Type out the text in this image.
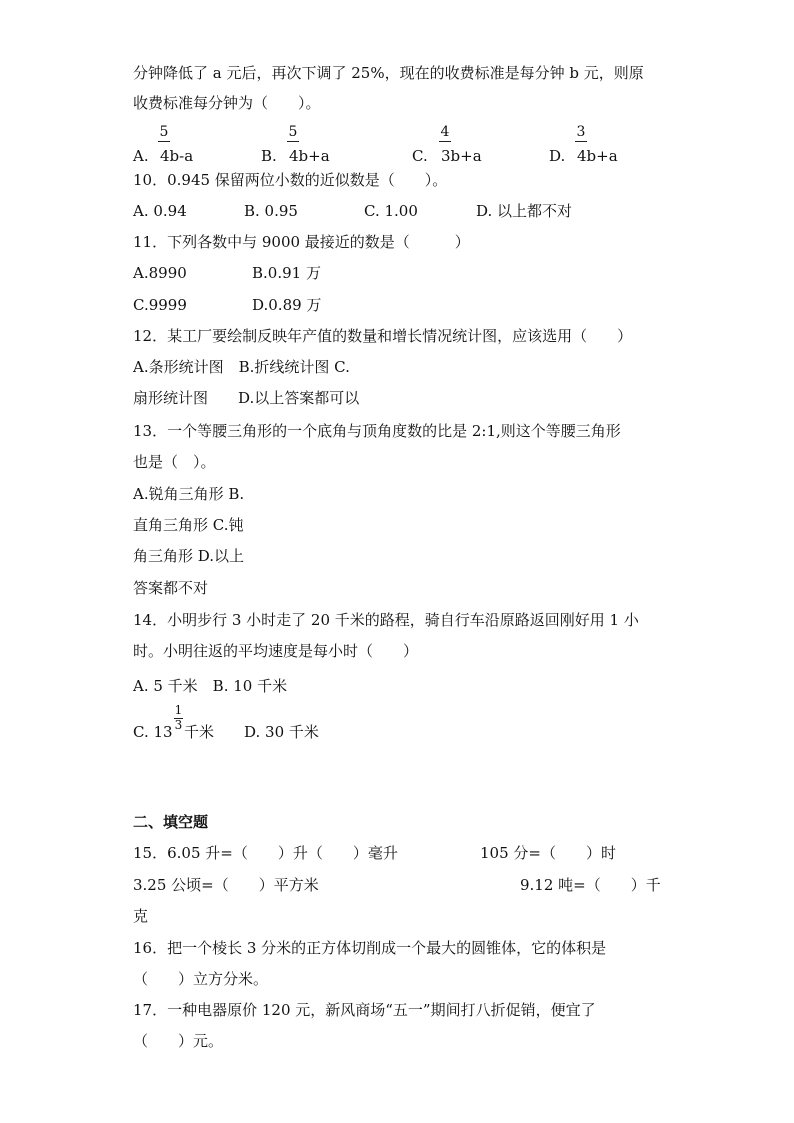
分钟降低了 a 元后，再次下调了 25%，现在的收费标准是每分钟 b 元，则原
收费标准每分钟为（　　）。
A.
5
4b-a	B.
5
4b+a	C.
4
3b+a	D.
3
4b+a
10．0.945 保留两位小数的近似数是（　　）。
A. 0.94	B. 0.95	C. 1.00	D. 以上都不对
11．下列各数中与 9000 最接近的数是（　　　）
A.8990	B.0.91 万
C.9999	D.0.89 万
12．某工厂要绘制反映年产值的数量和增长情况统计图，应该选用（　　）
A.条形统计图　B.折线统计图 C.
扇形统计图　　D.以上答案都可以
13．一个等腰三角形的一个底角与顶角度数的比是 2:1,则这个等腰三角形
也是（　）。
A.锐角三角形 B.
直角三角形 C.钝
角三角形 D.以上
答案都不对
14．小明步行 3 小时走了 20 千米的路程，骑自行车沿原路返回刚好用 1 小
时。小明往返的平均速度是每小时（　　）
A. 5 千米　B. 10 千米
C. 13
1
3 千米 D. 30 千米
二、填空题
15．6.05 升=（　　）升（　　）毫升	105 分=（　　）时
3.25 公顷=（　　）平方米	9.12 吨=（　　）千
克
16．把一个棱长 3 分米的正方体切削成一个最大的圆锥体，它的体积是
（　　）立方分米。
17．一种电器原价 120 元，新风商场“五一”期间打八折促销，便宜了
（　　）元。
